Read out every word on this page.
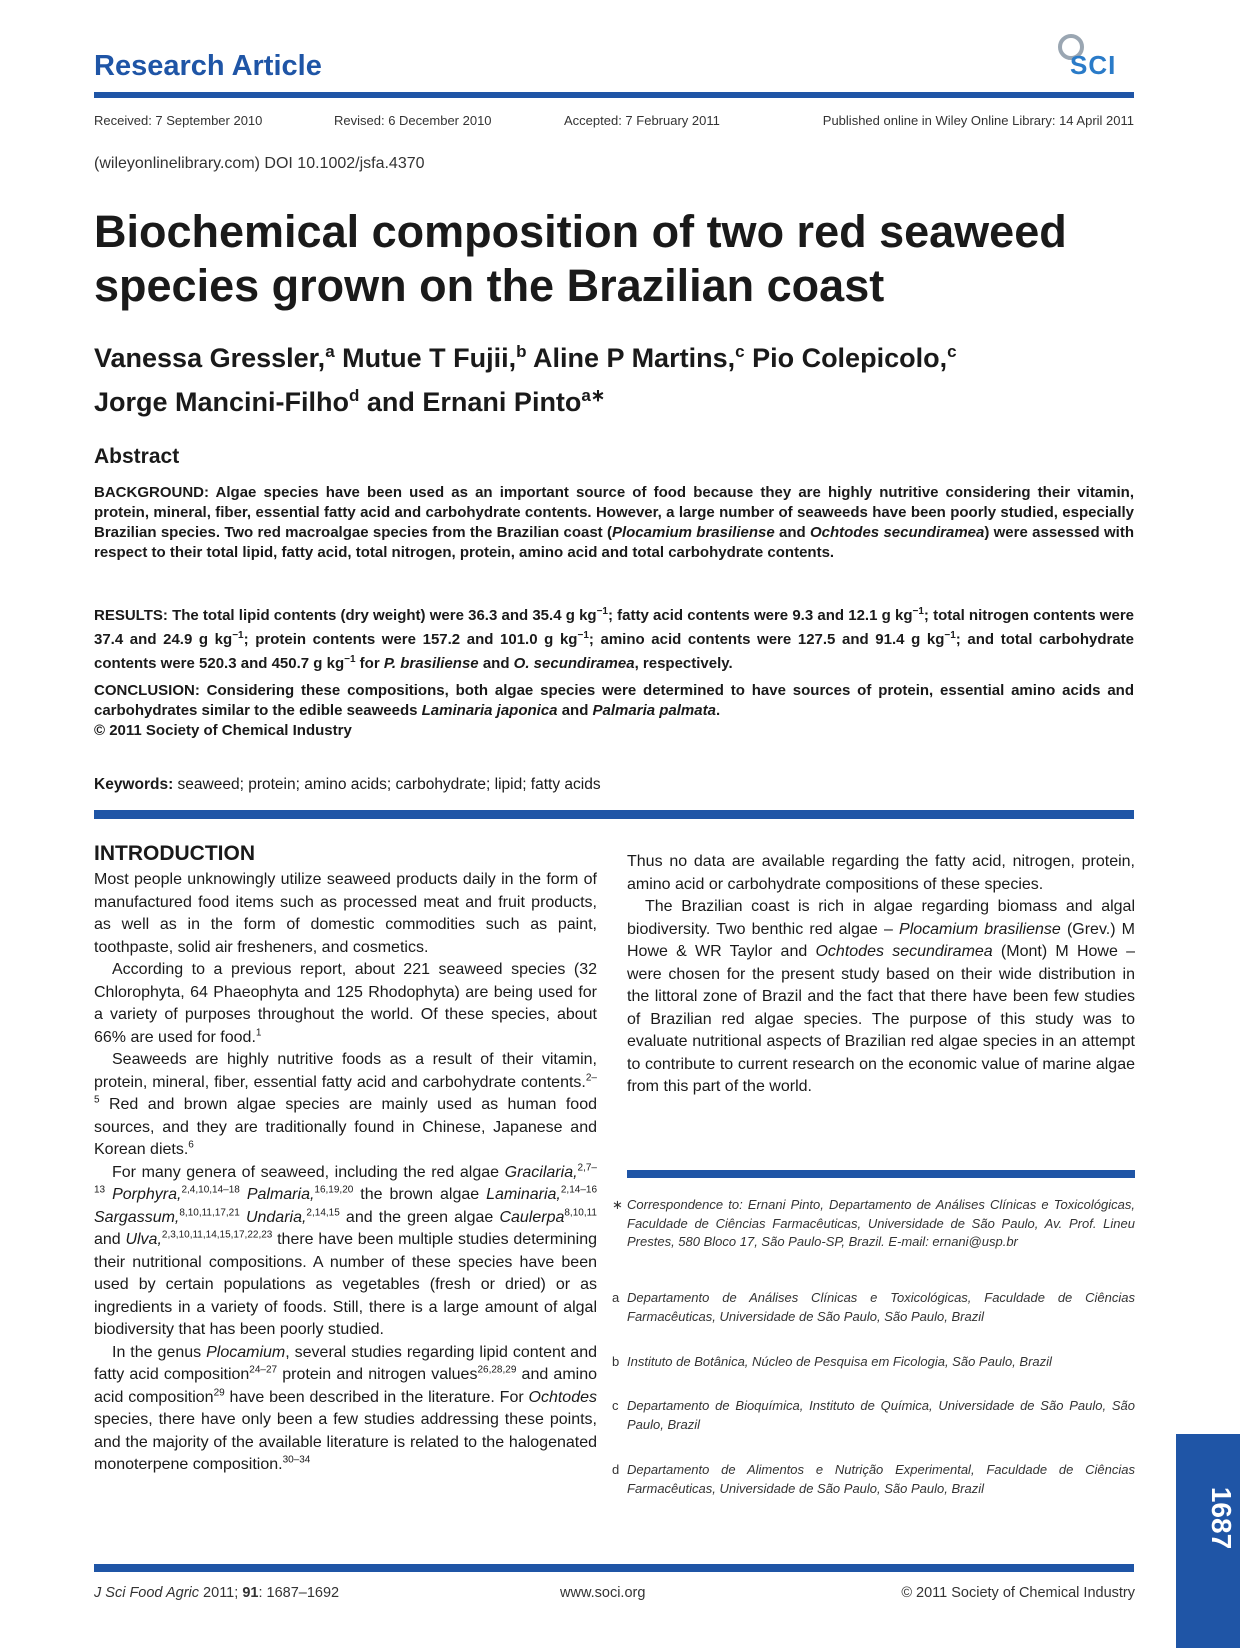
Research Article	SCI
Received: 7 September 2010	Revised: 6 December 2010	Accepted: 7 February 2011	Published online in Wiley Online Library: 14 April 2011
(wileyonlinelibrary.com) DOI 10.1002/jsfa.4370
Biochemical composition of two red seaweed
species grown on the Brazilian coast
Vanessa Gressler,$^a$ Mutue T Fujii,$^b$ Aline P Martins,$^c$ Pio Colepicolo,$^c$
Jorge Mancini-Filho$^d$ and Ernani Pinto$^{a∗}$
Abstract
BACKGROUND: Algae species have been used as an important source of food because they are highly nutritive considering their vitamin, protein, mineral, fiber, essential fatty acid and carbohydrate contents. However, a large number of seaweeds have been poorly studied, especially Brazilian species. Two red macroalgae species from the Brazilian coast (Plocamium brasiliense and Ochtodes secundiramea) were assessed with respect to their total lipid, fatty acid, total nitrogen, protein, amino acid and total carbohydrate contents.
RESULTS: The total lipid contents (dry weight) were 36.3 and 35.4 g $kg^{-1}$; fatty acid contents were 9.3 and 12.1 g $kg^{-1}$; total nitrogen contents were 37.4 and 24.9 g $kg^{-1}$; protein contents were 157.2 and 101.0 g $kg^{-1}$; amino acid contents were 127.5 and 91.4 g $kg^{-1}$; and total carbohydrate contents were 520.3 and 450.7 g $kg^{-1}$ for P. brasiliense and O. secundiramea, respectively.
CONCLUSION: Considering these compositions, both algae species were determined to have sources of protein, essential amino acids and carbohydrates similar to the edible seaweeds Laminaria japonica and Palmaria palmata.
© 2011 Society of Chemical Industry
Keywords: seaweed; protein; amino acids; carbohydrate; lipid; fatty acids
INTRODUCTION

Most people unknowingly utilize seaweed products daily in the form of manufactured food items such as processed meat and fruit products, as well as in the form of domestic commodities such as paint, toothpaste, solid air fresheners, and cosmetics.

According to a previous report, about 221 seaweed species (32 Chlorophyta, 64 Phaeophyta and 125 Rhodophyta) are being used for a variety of purposes throughout the world. Of these species, about 66% are used for food.$^1$

Seaweeds are highly nutritive foods as a result of their vitamin, protein, mineral, fiber, essential fatty acid and carbohydrate contents.$^{2-5}$ Red and brown algae species are mainly used as human food sources, and they are traditionally found in Chinese, Japanese and Korean diets.$^6$

For many genera of seaweed, including the red algae Gracilaria,$^{2,7-13}$ Porphyra,$^{2,4,10,14-18}$ Palmaria,$^{16,19,20}$ the brown algae Laminaria,$^{2,14-16}$ Sargassum,$^{8,10,11,17,21}$ Undaria,$^{2,14,15}$ and the green algae Caulerpa$^{8,10,11}$ and Ulva,$^{2,3,10,11,14,15,17,22,23}$ there have been multiple studies determining their nutritional compositions. A number of these species have been used by certain populations as vegetables (fresh or dried) or as ingredients in a variety of foods. Still, there is a large amount of algal biodiversity that has been poorly studied.

In the genus Plocamium, several studies regarding lipid content and fatty acid composition$^{24-27}$ protein and nitrogen values$^{26,28,29}$ and amino acid composition$^{29}$ have been described in the literature. For Ochtodes species, there have only been a few studies addressing these points, and the majority of the available literature is related to the halogenated monoterpene composition.$^{30-34}$

Thus no data are available regarding the fatty acid, nitrogen, protein, amino acid or carbohydrate compositions of these species.

The Brazilian coast is rich in algae regarding biomass and algal biodiversity. Two benthic red algae – Plocamium brasiliense (Grev.) M Howe & WR Taylor and Ochtodes secundiramea (Mont) M Howe – were chosen for the present study based on their wide distribution in the littoral zone of Brazil and the fact that there have been few studies of Brazilian red algae species. The purpose of this study was to evaluate nutritional aspects of Brazilian red algae species in an attempt to contribute to current research on the economic value of marine algae from this part of the world.

∗ Correspondence to: Ernani Pinto, Departamento de Análises Clínicas e Toxicológicas, Faculdade de Ciências Farmacêuticas, Universidade de São Paulo, Av. Prof. Lineu Prestes, 580 Bloco 17, São Paulo-SP, Brazil. E-mail: ernani@usp.br
a Departamento de Análises Clínicas e Toxicológicas, Faculdade de Ciências Farmacêuticas, Universidade de São Paulo, São Paulo, Brazil
b Instituto de Botânica, Núcleo de Pesquisa em Ficologia, São Paulo, Brazil
c Departamento de Bioquímica, Instituto de Química, Universidade de São Paulo, São Paulo, Brazil
d Departamento de Alimentos e Nutrição Experimental, Faculdade de Ciências Farmacêuticas, Universidade de São Paulo, São Paulo, Brazil	1687
J Sci Food Agric 2011; 91: 1687–1692	www.soci.org	© 2011 Society of Chemical Industry
